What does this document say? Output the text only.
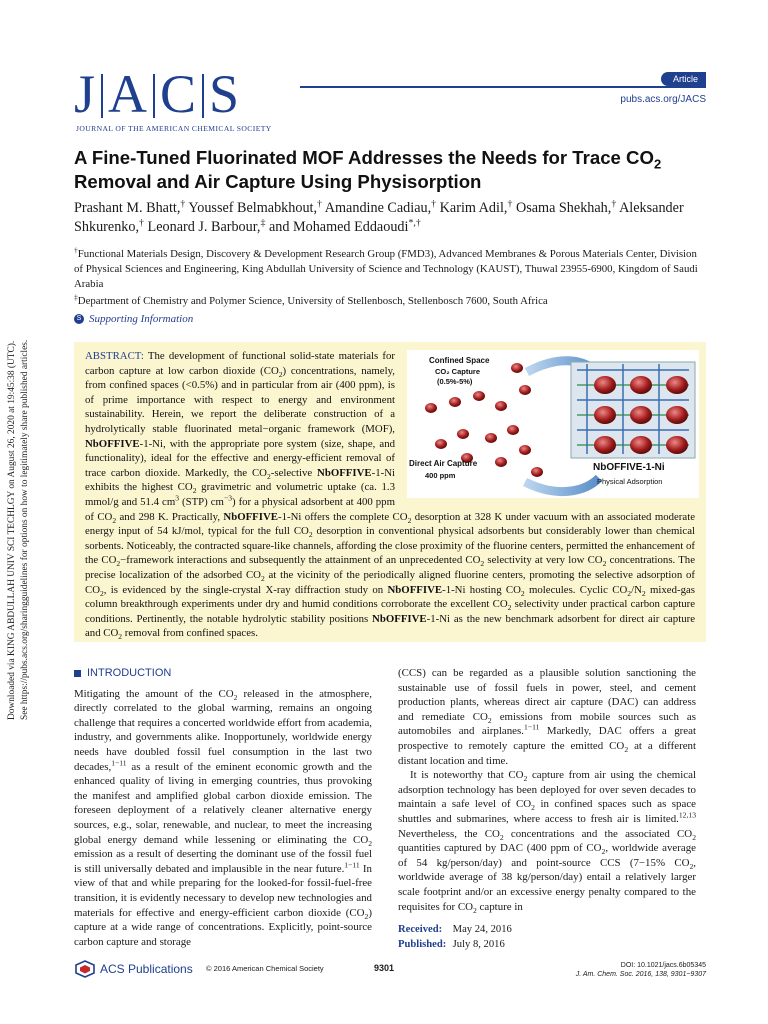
Downloaded via KING ABDULLAH UNIV SCI TECHLGY on August 26, 2020 at 19:45:38 (UTC). See https://pubs.acs.org/sharingguidelines for options on how to legitimately share published articles.
J A C S
JOURNAL OF THE AMERICAN CHEMICAL SOCIETY
Article
pubs.acs.org/JACS
A Fine-Tuned Fluorinated MOF Addresses the Needs for Trace $CO_2$
Removal and Air Capture Using Physisorption
Prashant M. Bhatt,† Youssef Belmabkhout,† Amandine Cadiau,† Karim Adil,† Osama Shekhah,† Aleksander Shkurenko,† Leonard J. Barbour,‡ and Mohamed Eddaoudi*,†

†Functional Materials Design, Discovery & Development Research Group (FMD3), Advanced Membranes & Porous Materials Center, Division of Physical Sciences and Engineering, King Abdullah University of Science and Technology (KAUST), Thuwal 23955-6900, Kingdom of Saudi Arabia

‡Department of Chemistry and Polymer Science, University of Stellenbosch, Stellenbosch 7600, South Africa

S Supporting Information
Confined Space
CO₂ Capture
(0.5%-5%)
Direct Air Capture
400 ppm
NbOFFIVE-1-Ni
Physical Adsorption
ABSTRACT: The development of functional solid-state materials for carbon capture at low carbon dioxide $(CO_2)$ concentrations, namely, from confined spaces (<0.5%) and in particular from air (400 ppm), is of prime importance with respect to energy and environment sustainability. Herein, we report the deliberate construction of a hydrolytically stable fluorinated metal−organic framework (MOF), NbOFFIVE-1-Ni, with the appropriate pore system (size, shape, and functionality), ideal for the effective and energy-efficient removal of trace carbon dioxide. Markedly, the $CO_2$-selective NbOFFIVE-1-Ni exhibits the highest $CO_2$ gravimetric and volumetric uptake (ca. 1.3 mmol/g and 51.4 $cm^3$ (STP) $cm^{-3}$) for a physical adsorbent at 400 ppm of $CO_2$ and 298 K. Practically, NbOFFIVE-1-Ni offers the complete $CO_2$ desorption at 328 K under vacuum with an associated moderate energy input of 54 kJ/mol, typical for the full $CO_2$ desorption in conventional physical adsorbents but considerably lower than chemical sorbents. Noticeably, the contracted square-like channels, affording the close proximity of the fluorine centers, permitted the enhancement of the $CO_2-framework$ interactions and subsequently the attainment of an unprecedented $CO_2$ selectivity at very low $CO_2$ concentrations. The precise localization of the adsorbed $CO_2$ at the vicinity of the periodically aligned fluorine centers, promoting the selective adsorption of $CO_2$, is evidenced by the single-crystal X-ray diffraction study on NbOFFIVE-1-Ni hosting $CO_2$ molecules. Cyclic $CO_2/N_2$ mixed-gas column breakthrough experiments under dry and humid conditions corroborate the excellent $CO_2$ selectivity under practical carbon capture conditions. Pertinently, the notable hydrolytic stability positions NbOFFIVE-1-Ni as the new benchmark adsorbent for direct air capture and $CO_2$ removal from confined spaces.
INTRODUCTION

Mitigating the amount of the $CO_2$ released in the atmosphere, directly correlated to the global warming, remains an ongoing challenge that requires a concerted worldwide effort from academia, industry, and governments alike. Inopportunely, worldwide energy needs have doubled fossil fuel consumption in the last two decades,$^{1-11}$ as a result of the eminent economic growth and the enhanced quality of living in emerging countries, thus provoking the manifest and amplified global carbon dioxide emission. The foreseen deployment of a relatively cleaner alternative energy sources, e.g., solar, renewable, and nuclear, to meet the increasing global energy demand while lessening or eliminating the $CO_2$ emission as a result of deserting the dominant use of the fossil fuel is still universally debated and implausible in the near future.$^{1-11}$ In view of that and while preparing for the looked-for fossil-fuel-free transition, it is evidently necessary to develop new technologies and materials for effective and energy-efficient carbon dioxide $(CO_2)$ capture at a wide range of concentrations. Explicitly, point-source carbon capture and storage

(CCS) can be regarded as a plausible solution sanctioning the sustainable use of fossil fuels in power, steel, and cement production plants, whereas direct air capture (DAC) can address and remediate $CO_2$ emissions from mobile sources such as automobiles and airplanes.$^{1-11}$ Markedly, DAC offers a great prospective to remotely capture the emitted $CO_2$ at a different distant location and time.

It is noteworthy that $CO_2$ capture from air using the chemical adsorption technology has been deployed for over seven decades to maintain a safe level of $CO_2$ in confined spaces such as space shuttles and submarines, where access to fresh air is limited.$^{12,13}$ Nevertheless, the $CO_2$ concentrations and the associated $CO_2$ quantities captured by DAC (400 ppm of $CO_2$, worldwide average of 54 kg/person/day) and point-source CCS (7−15% $CO_2$, worldwide average of 38 kg/person/day) entail a relatively larger scale footprint and/or an excessive energy penalty compared to the requisites for $CO_2$ capture in

Received: May 24, 2016
Published: July 8, 2016
ACS Publications © 2016 American Chemical Society	9301	DOI: 10.1021/jacs.6b05345
J. Am. Chem. Soc. 2016, 138, 9301−9307
